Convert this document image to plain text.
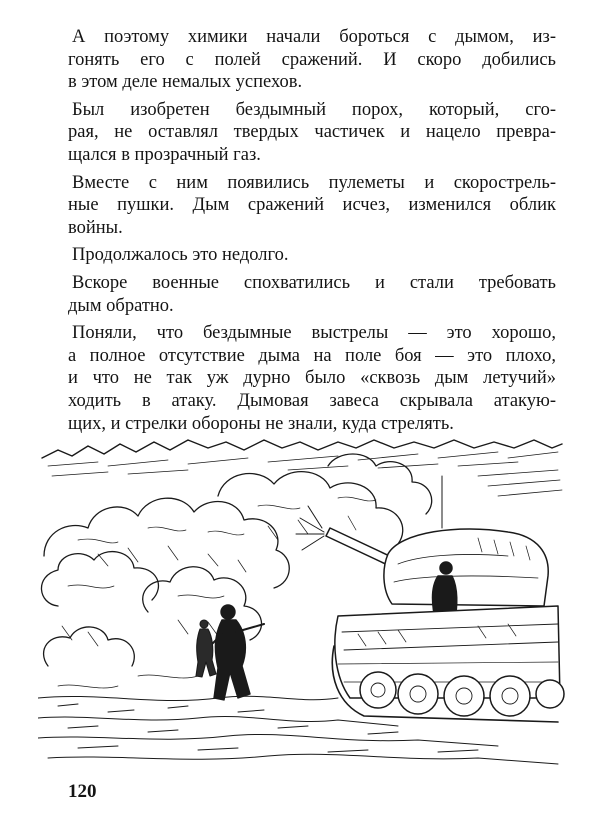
А поэтому химики начали бороться с дымом, из-
гонять его с полей сражений. И скоро добились
в этом деле немалых успехов.

Был изобретен бездымный порох, который, сго-
рая, не оставлял твердых частичек и нацело превра-
щался в прозрачный газ.

Вместе с ним появились пулеметы и скорострель-
ные пушки. Дым сражений исчез, изменился облик
войны.

Продолжалось это недолго.

Вскоре военные спохватились и стали требовать
дым обратно.

Поняли, что бездымные выстрелы — это хорошо,
а полное отсутствие дыма на поле боя — это плохо,
и что не так уж дурно было «сквозь дым летучий»
ходить в атаку. Дымовая завеса скрывала атакую-
щих, и стрелки обороны не знали, куда стрелять.

120
